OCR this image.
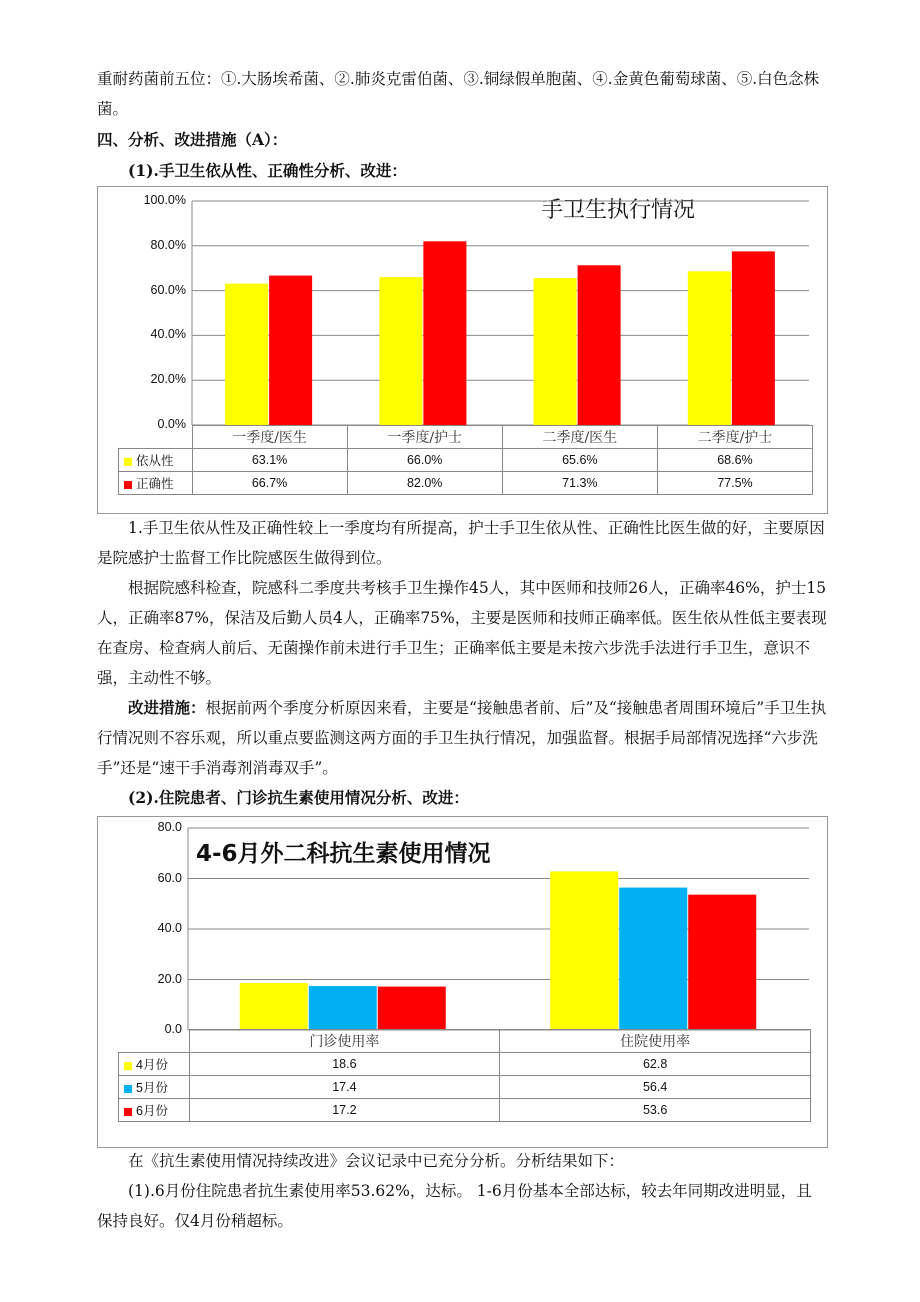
重耐药菌前五位：①.大肠埃希菌、②.肺炎克雷伯菌、③.铜绿假单胞菌、④.金黄色葡萄球菌、⑤.白色念株菌。

四、分析、改进措施（A）：

(1).手卫生依从性、正确性分析、改进：

手卫生执行情况
100.0%
80.0%
60.0%
40.0%
20.0%
0.0%
	一季度/医生	一季度/护士	二季度/医生	二季度/护士
依从性	63.1%	66.0%	65.6%	68.6%
正确性	66.7%	82.0%	71.3%	77.5%

1.手卫生依从性及正确性较上一季度均有所提高，护士手卫生依从性、正确性比医生做的好，主要原因是院感护士监督工作比院感医生做得到位。

根据院感科检查，院感科二季度共考核手卫生操作45人，其中医师和技师26人，正确率46%，护士15人，正确率87%，保洁及后勤人员4人，正确率75%，主要是医师和技师正确率低。医生依从性低主要表现在查房、检查病人前后、无菌操作前未进行手卫生；正确率低主要是未按六步洗手法进行手卫生，意识不强，主动性不够。

改进措施：根据前两个季度分析原因来看，主要是“接触患者前、后”及“接触患者周围环境后”手卫生执行情况则不容乐观，所以重点要监测这两方面的手卫生执行情况，加强监督。根据手局部情况选择“六步洗手”还是“速干手消毒剂消毒双手”。

(2).住院患者、门诊抗生素使用情况分析、改进：

4-6月外二科抗生素使用情况
80.0
60.0
40.0
20.0
0.0
	门诊使用率	住院使用率
4月份	18.6	62.8
5月份	17.4	56.4
6月份	17.2	53.6

在《抗生素使用情况持续改进》会议记录中已充分分析。分析结果如下：

(1).6月份住院患者抗生素使用率53.62%，达标。 1-6月份基本全部达标，较去年同期改进明显，且保持良好。仅4月份稍超标。
